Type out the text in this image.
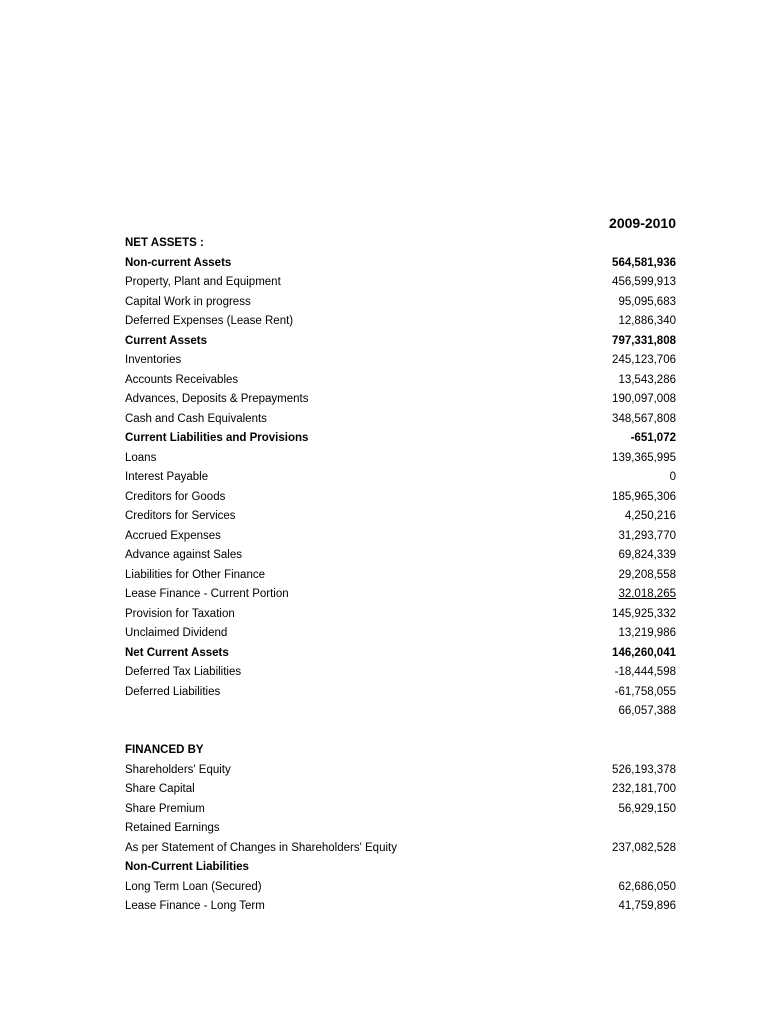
2009-2010
NET ASSETS :
Non-current Assets	564,581,936
Property, Plant and Equipment	456,599,913
Capital Work in progress	95,095,683
Deferred Expenses (Lease Rent)	12,886,340
Current Assets	797,331,808
Inventories	245,123,706
Accounts Receivables	13,543,286
Advances, Deposits & Prepayments	190,097,008
Cash and Cash Equivalents	348,567,808
Current Liabilities and Provisions	-651,072
Loans	139,365,995
Interest Payable	0
Creditors for Goods	185,965,306
Creditors for Services	4,250,216
Accrued Expenses	31,293,770
Advance against Sales	69,824,339
Liabilities for Other Finance	29,208,558
Lease Finance - Current Portion	32,018,265
Provision for Taxation	145,925,332
Unclaimed Dividend	13,219,986
Net Current Assets	146,260,041
Deferred Tax Liabilities	-18,444,598
Deferred Liabilities	-61,758,055
66,057,388
FINANCED BY
Shareholders' Equity	526,193,378
Share Capital	232,181,700
Share Premium	56,929,150
Retained Earnings
As per Statement of Changes in Shareholders' Equity	237,082,528
Non-Current Liabilities
Long Term Loan (Secured)	62,686,050
Lease Finance - Long Term	41,759,896
